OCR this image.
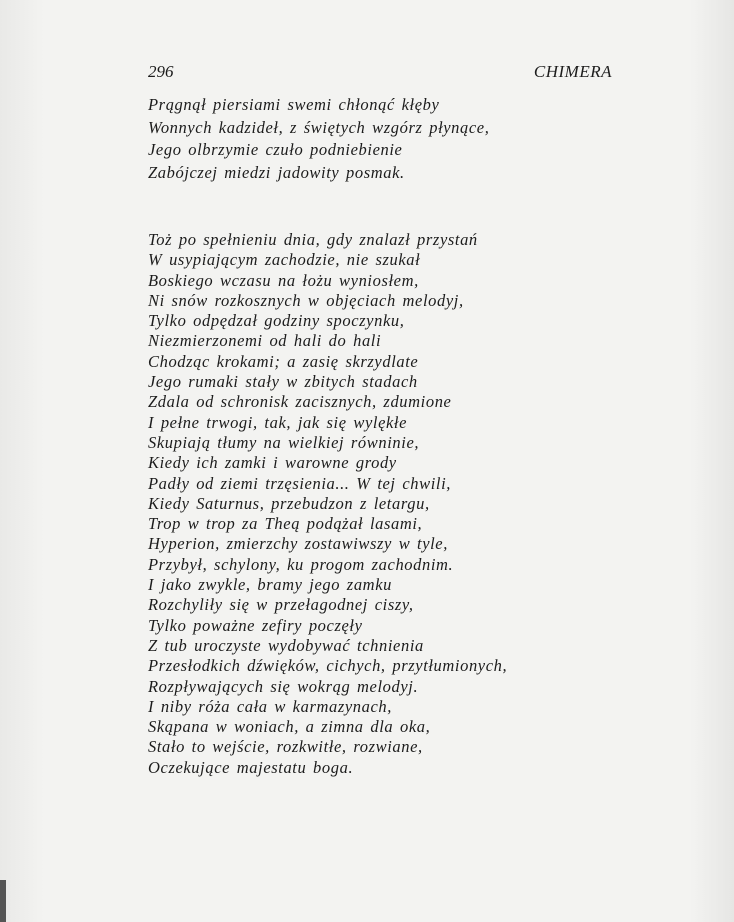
296	CHIMERA
Prągnął piersiami swemi chłonąć kłęby
Wonnych kadzideł, z świętych wzgórz płynące,
Jego olbrzymie czuło podniebienie
Zabójczej miedzi jadowity posmak.
Toż po spełnieniu dnia, gdy znalazł przystań
W usypiającym zachodzie, nie szukał
Boskiego wczasu na łożu wyniosłem,
Ni snów rozkosznych w objęciach melodyj,
Tylko odpędzał godziny spoczynku,
Niezmierzonemi od hali do hali
Chodząc krokami; a zasię skrzydlate
Jego rumaki stały w zbitych stadach
Zdala od schronisk zacisznych, zdumione
I pełne trwogi, tak, jak się wylękłe
Skupiają tłumy na wielkiej równinie,
Kiedy ich zamki i warowne grody
Padły od ziemi trzęsienia... W tej chwili,
Kiedy Saturnus, przebudzon z letargu,
Trop w trop za Theą podążał lasami,
Hyperion, zmierzchy zostawiwszy w tyle,
Przybył, schylony, ku progom zachodnim.
I jako zwykle, bramy jego zamku
Rozchyliły się w przełagodnej ciszy,
Tylko poważne zefiry poczęły
Z tub uroczyste wydobywać tchnienia
Przesłodkich dźwięków, cichych, przytłumionych,
Rozpływających się wokrąg melodyj.
I niby róża cała w karmazynach,
Skąpana w woniach, a zimna dla oka,
Stało to wejście, rozkwitłe, rozwiane,
Oczekujące majestatu boga.
